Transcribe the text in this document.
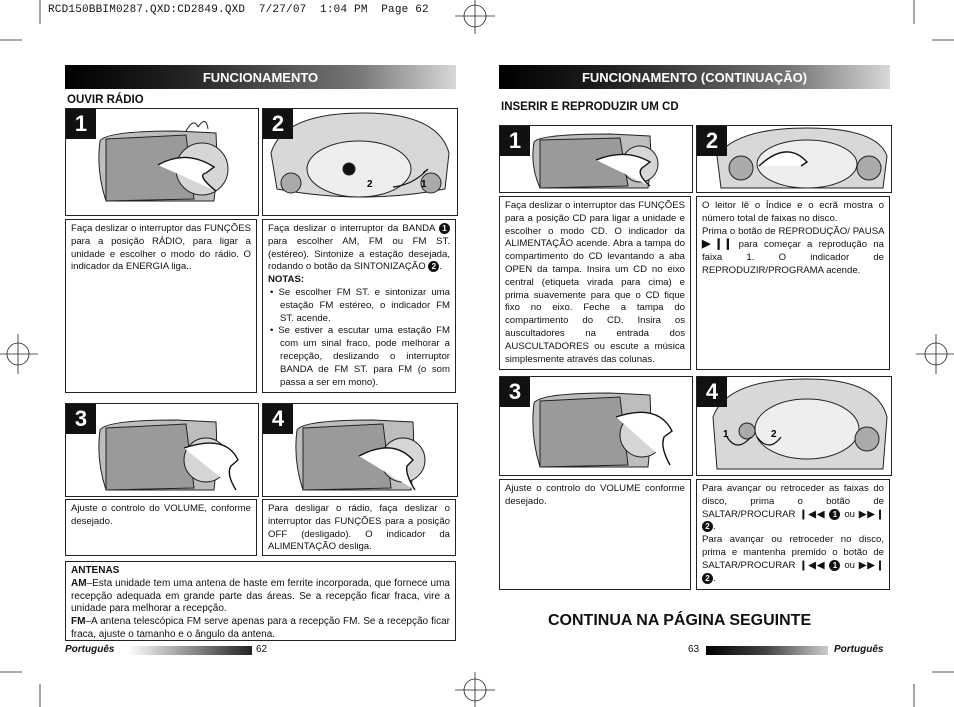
RCD150BBIM0287.QXD:CD2849.QXD  7/27/07  1:04 PM  Page 62
FUNCIONAMENTO
OUVIR RÁDIO
1	2
2	1

Faça deslizar o interruptor das FUNÇÕES para a posição RÁDIO, para ligar a unidade e escolher o modo do rádio. O indicador da ENERGIA liga..

Faça deslizar o interruptor da BANDA 1 para escolher AM, FM ou FM ST. (estéreo). Sintonize a estação desejada, rodando o botão da SINTONIZAÇÃO 2 .

NOTAS:

• Se escolher FM ST. e sintonizar uma estação FM estéreo, o indicador FM ST. acende.

• Se estiver a escutar uma estação FM com um sinal fraco, pode melhorar a recepção, deslizando o interruptor BANDA de FM ST. para FM (o som passa a ser em mono).

3	4

Ajuste o controlo do VOLUME, conforme desejado.

Para desligar o rádio, faça deslizar o interruptor das FUNÇÕES para a posição OFF (desligado). O indicador da ALIMENTAÇÃO desliga.

ANTENAS

AM–Esta unidade tem uma antena de haste em ferrite incorporada, que fornece uma recepção adequada em grande parte das áreas. Se a recepção ficar fraca, vire a unidade para melhorar a recepção.

FM–A antena telescópica FM serve apenas para a recepção FM. Se a recepção ficar fraca, ajuste o tamanho e o ângulo da antena.

Português	62
FUNCIONAMENTO (CONTINUAÇÃO)
INSERIR E REPRODUZIR UM CD
1	2

Faça deslizar o interruptor das FUNÇÕES para a posição CD para ligar a unidade e escolher o modo CD. O indicador da ALIMENTAÇÃO acende. Abra a tampa do compartimento do CD levantando a aba OPEN da tampa. Insira um CD no eixo central (etiqueta virada para cima) e prima suavemente para que o CD fique fixo no eixo. Feche a tampa do compartimento do CD. Insira os auscultadores na entrada dos AUSCULTADORES ou escute a música simplesmente através das colunas.

O leitor lê o Índice e o ecrã mostra o número total de faixas no disco.

Prima o botão de REPRODUÇÃO/ PAUSA ▶❙❙ para começar a reprodução na faixa 1. O indicador de REPRODUZIR/PROGRAMA acende.

3	4
1	2

Ajuste o controlo do VOLUME conforme desejado.

Para avançar ou retroceder as faixas do disco, prima o botão de SALTAR/PROCURAR ❙◀◀ 1 ou ▶▶❙ 2 .

Para avançar ou retroceder no disco, prima e mantenha premido o botão de SALTAR/PROCURAR ❙◀◀ 1 ou ▶▶❙ 2 .

CONTINUA NA PÁGINA SEGUINTE
63	Português
